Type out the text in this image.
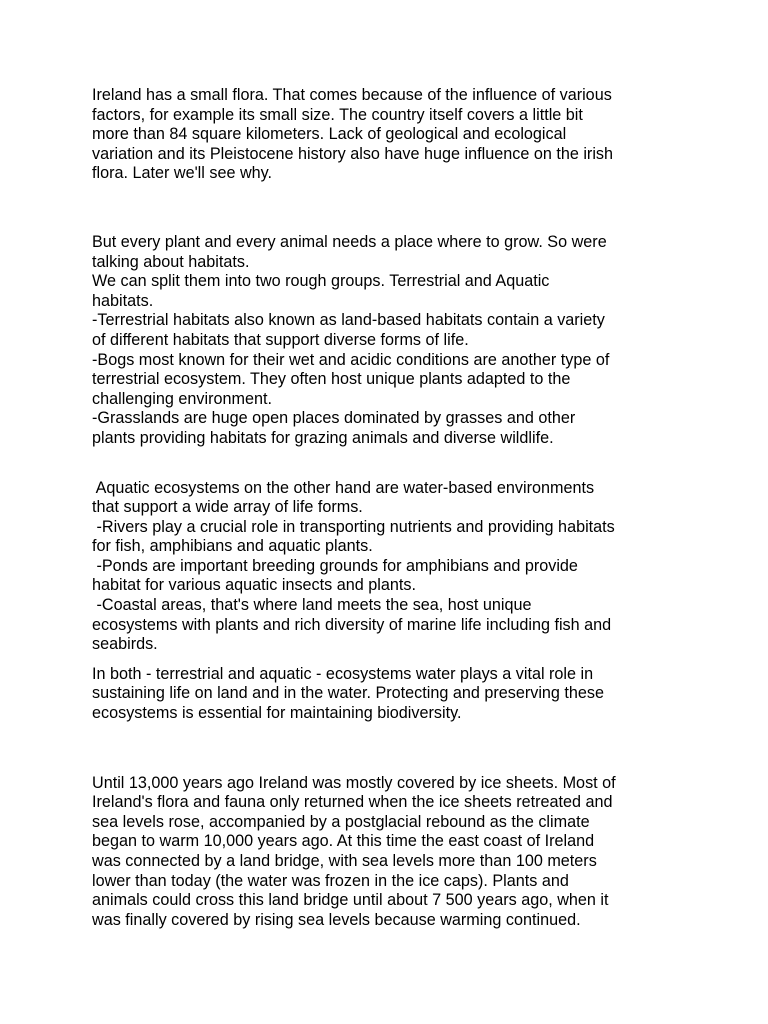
Ireland has a small flora. That comes because of the influence of various
factors, for example its small size. The country itself covers a little bit
more than 84 square kilometers. Lack of geological and ecological
variation and its Pleistocene history also have huge influence on the irish
flora. Later we'll see why.

But every plant and every animal needs a place where to grow. So were
talking about habitats.
We can split them into two rough groups. Terrestrial and Aquatic
habitats.
-Terrestrial habitats also known as land-based habitats contain a variety
of different habitats that support diverse forms of life.
-Bogs most known for their wet and acidic conditions are another type of
terrestrial ecosystem. They often host unique plants adapted to the
challenging environment.
-Grasslands are huge open places dominated by grasses and other
plants providing habitats for grazing animals and diverse wildlife.

Aquatic ecosystems on the other hand are water-based environments
that support a wide array of life forms.
-Rivers play a crucial role in transporting nutrients and providing habitats
for fish, amphibians and aquatic plants.
-Ponds are important breeding grounds for amphibians and provide
habitat for various aquatic insects and plants.
-Coastal areas, that's where land meets the sea, host unique
ecosystems with plants and rich diversity of marine life including fish and
seabirds.

In both - terrestrial and aquatic - ecosystems water plays a vital role in
sustaining life on land and in the water. Protecting and preserving these
ecosystems is essential for maintaining biodiversity.

Until 13,000 years ago Ireland was mostly covered by ice sheets. Most of
Ireland's flora and fauna only returned when the ice sheets retreated and
sea levels rose, accompanied by a postglacial rebound as the climate
began to warm 10,000 years ago. At this time the east coast of Ireland
was connected by a land bridge, with sea levels more than 100 meters
lower than today (the water was frozen in the ice caps). Plants and
animals could cross this land bridge until about 7 500 years ago, when it
was finally covered by rising sea levels because warming continued.
